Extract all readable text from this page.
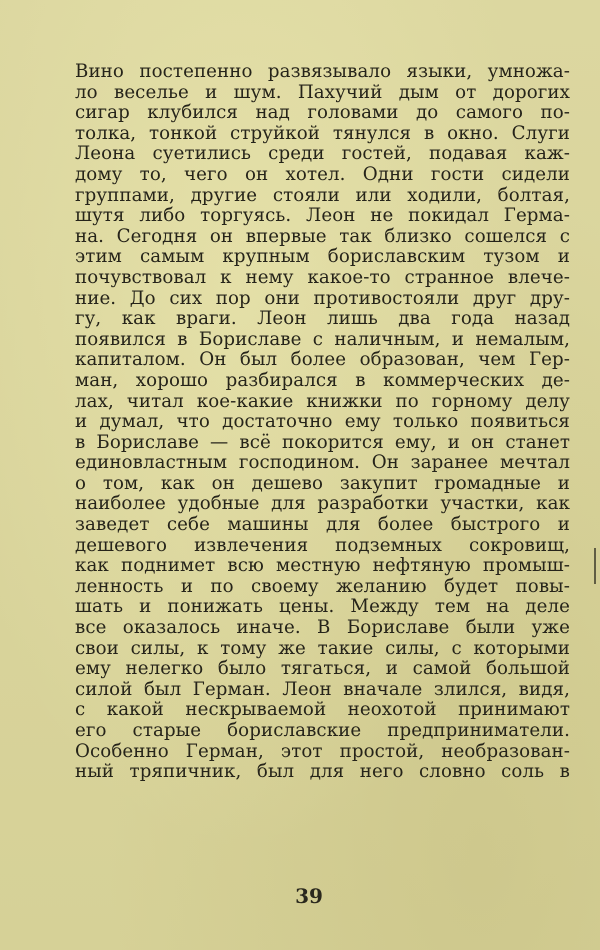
Вино постепенно развязывало языки, умножа-
ло веселье и шум. Пахучий дым от дорогих
сигар клубился над головами до самого по-
толка, тонкой струйкой тянулся в окно. Слуги
Леона суетились среди гостей, подавая каж-
дому то, чего он хотел. Одни гости сидели
группами, другие стояли или ходили, болтая,
шутя либо торгуясь. Леон не покидал Герма-
на. Сегодня он впервые так близко сошелся с
этим самым крупным бориславским тузом и
почувствовал к нему какое-то странное влече-
ние. До сих пор они противостояли друг дру-
гу, как враги. Леон лишь два года назад
появился в Бориславе с наличным, и немалым,
капиталом. Он был более образован, чем Гер-
ман, хорошо разбирался в коммерческих де-
лах, читал кое-какие книжки по горному делу
и думал, что достаточно ему только появиться
в Бориславе — всё покорится ему, и он станет
единовластным господином. Он заранее мечтал
о том, как он дешево закупит громадные и
наиболее удобные для разработки участки, как
заведет себе машины для более быстрого и
дешевого извлечения подземных сокровищ,
как поднимет всю местную нефтяную промыш-
ленность и по своему желанию будет повы-
шать и понижать цены. Между тем на деле
все оказалось иначе. В Бориславе были уже
свои силы, к тому же такие силы, с которыми
ему нелегко было тягаться, и самой большой
силой был Герман. Леон вначале злился, видя,
с какой нескрываемой неохотой принимают
его старые бориславские предприниматели.
Особенно Герман, этот простой, необразован-
ный тряпичник, был для него словно соль в
39
